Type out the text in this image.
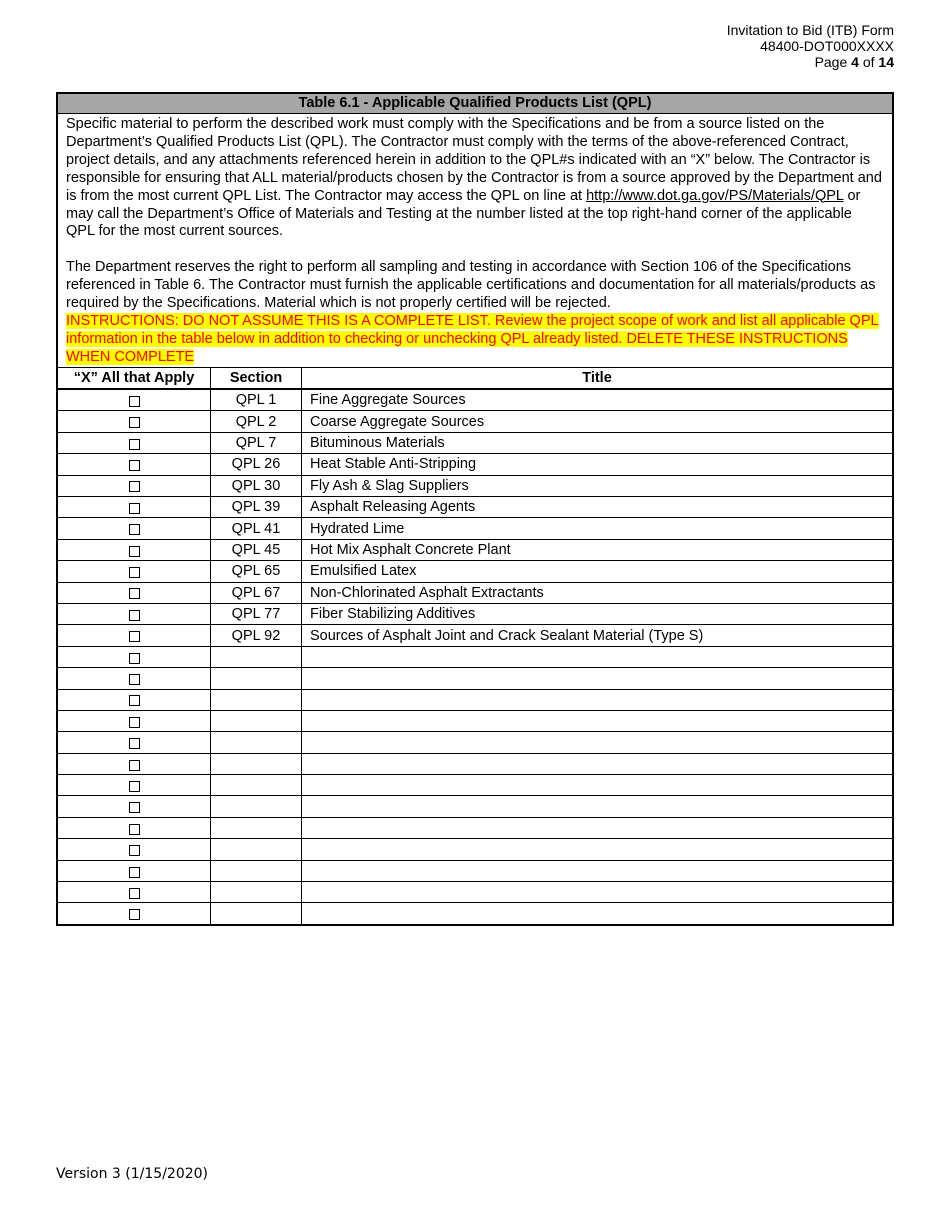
Invitation to Bid (ITB) Form
48400-DOT000XXXX
Page 4 of 14
Table 6.1 - Applicable Qualified Products List (QPL)

Specific material to perform the described work must comply with the Specifications and be from a source listed on the Department’s Qualified Products List (QPL). The Contractor must comply with the terms of the above-referenced Contract, project details, and any attachments referenced herein in addition to the QPL#s indicated with an “X” below. The Contractor is responsible for ensuring that ALL material/products chosen by the Contractor is from a source approved by the Department and is from the most current QPL List. The Contractor may access the QPL on line at http://www.dot.ga.gov/PS/Materials/QPL or may call the Department’s Office of Materials and Testing at the number listed at the top right-hand corner of the applicable QPL for the most current sources.

The Department reserves the right to perform all sampling and testing in accordance with Section 106 of the Specifications referenced in Table 6. The Contractor must furnish the applicable certifications and documentation for all materials/products as required by the Specifications. Material which is not properly certified will be rejected.
INSTRUCTIONS: DO NOT ASSUME THIS IS A COMPLETE LIST. Review the project scope of work and list all applicable QPL information in the table below in addition to checking or unchecking QPL already listed. DELETE THESE INSTRUCTIONS WHEN COMPLETE

“X” All that Apply	Section	Title
	QPL 1	Fine Aggregate Sources
	QPL 2	Coarse Aggregate Sources
	QPL 7	Bituminous Materials
	QPL 26	Heat Stable Anti-Stripping
	QPL 30	Fly Ash & Slag Suppliers
	QPL 39	Asphalt Releasing Agents
	QPL 41	Hydrated Lime
	QPL 45	Hot Mix Asphalt Concrete Plant
	QPL 65	Emulsified Latex
	QPL 67	Non-Chlorinated Asphalt Extractants
	QPL 77	Fiber Stabilizing Additives
	QPL 92	Sources of Asphalt Joint and Crack Sealant Material (Type S)

Version 3 (1/15/2020)
